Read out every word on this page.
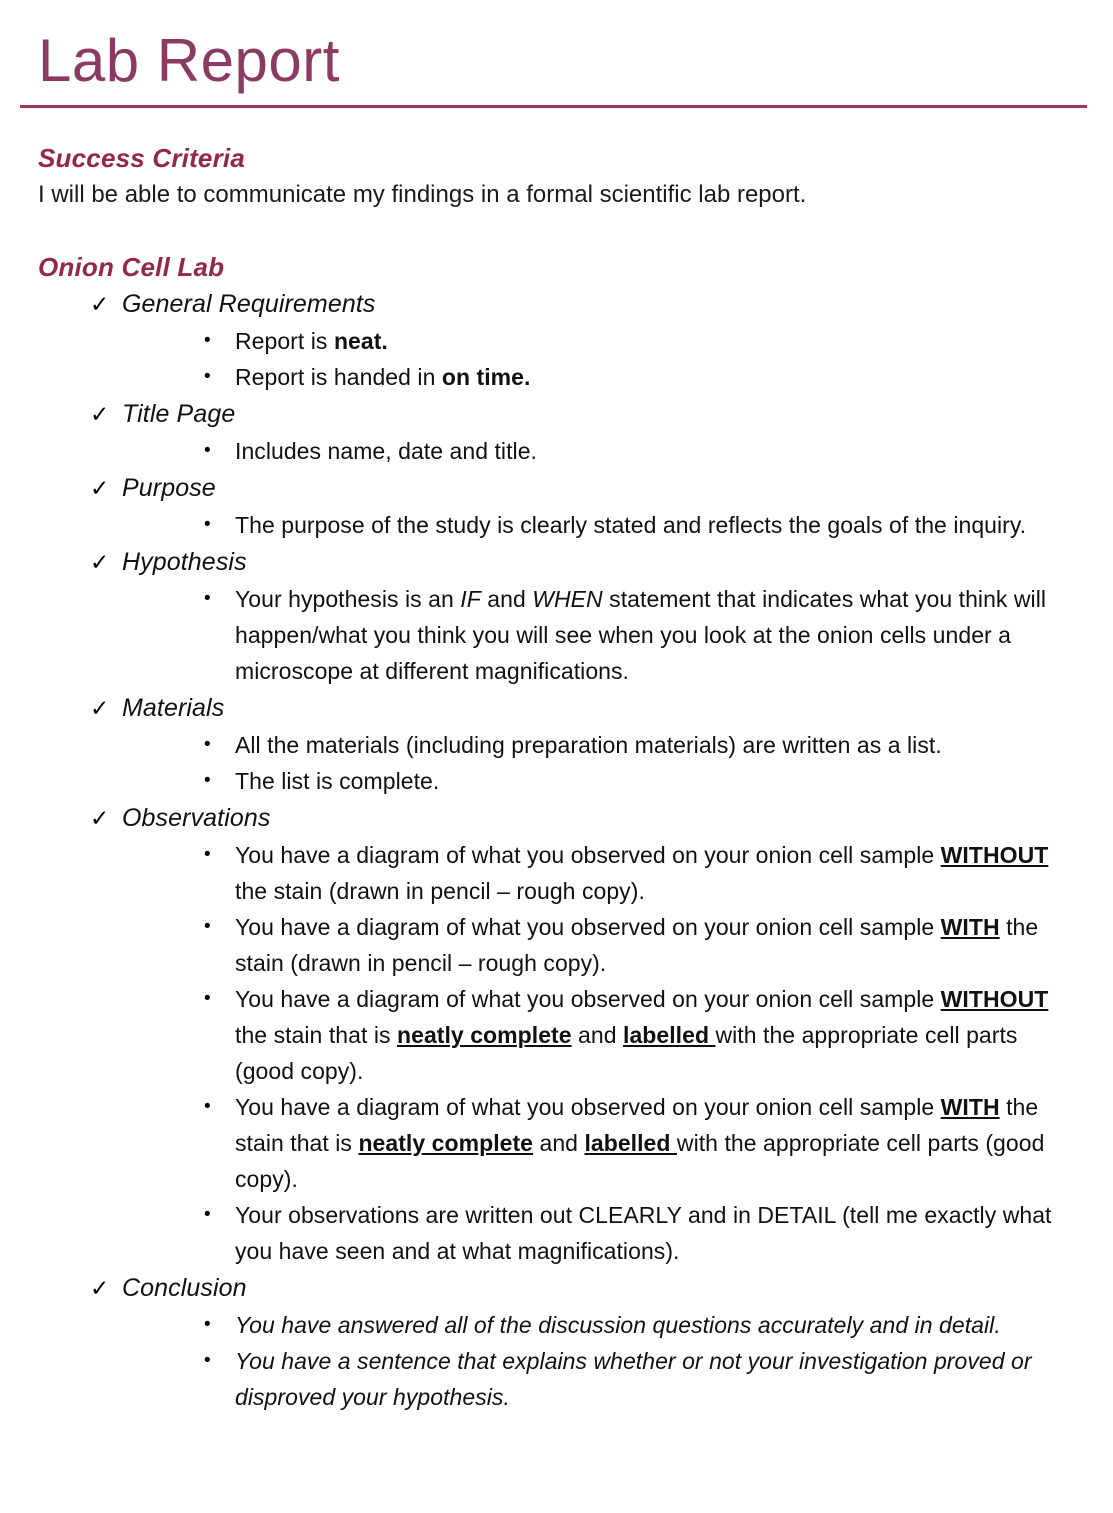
Lab Report
Success Criteria
I will be able to communicate my findings in a formal scientific lab report.
Onion Cell Lab
✓ General Requirements
• Report is neat.
• Report is handed in on time.
✓ Title Page
• Includes name, date and title.
✓ Purpose
• The purpose of the study is clearly stated and reflects the goals of the inquiry.
✓ Hypothesis
• Your hypothesis is an IF and WHEN statement that indicates what you think will happen/what you think you will see when you look at the onion cells under a microscope at different magnifications.
✓ Materials
• All the materials (including preparation materials) are written as a list.
• The list is complete.
✓ Observations
• You have a diagram of what you observed on your onion cell sample WITHOUT the stain (drawn in pencil – rough copy).
• You have a diagram of what you observed on your onion cell sample WITH the stain (drawn in pencil – rough copy).
• You have a diagram of what you observed on your onion cell sample WITHOUT the stain that is neatly complete and labelled with the appropriate cell parts (good copy).
• You have a diagram of what you observed on your onion cell sample WITH the stain that is neatly complete and labelled with the appropriate cell parts (good copy).
• Your observations are written out CLEARLY and in DETAIL (tell me exactly what you have seen and at what magnifications).
✓ Conclusion
• You have answered all of the discussion questions accurately and in detail.
• You have a sentence that explains whether or not your investigation proved or disproved your hypothesis.
